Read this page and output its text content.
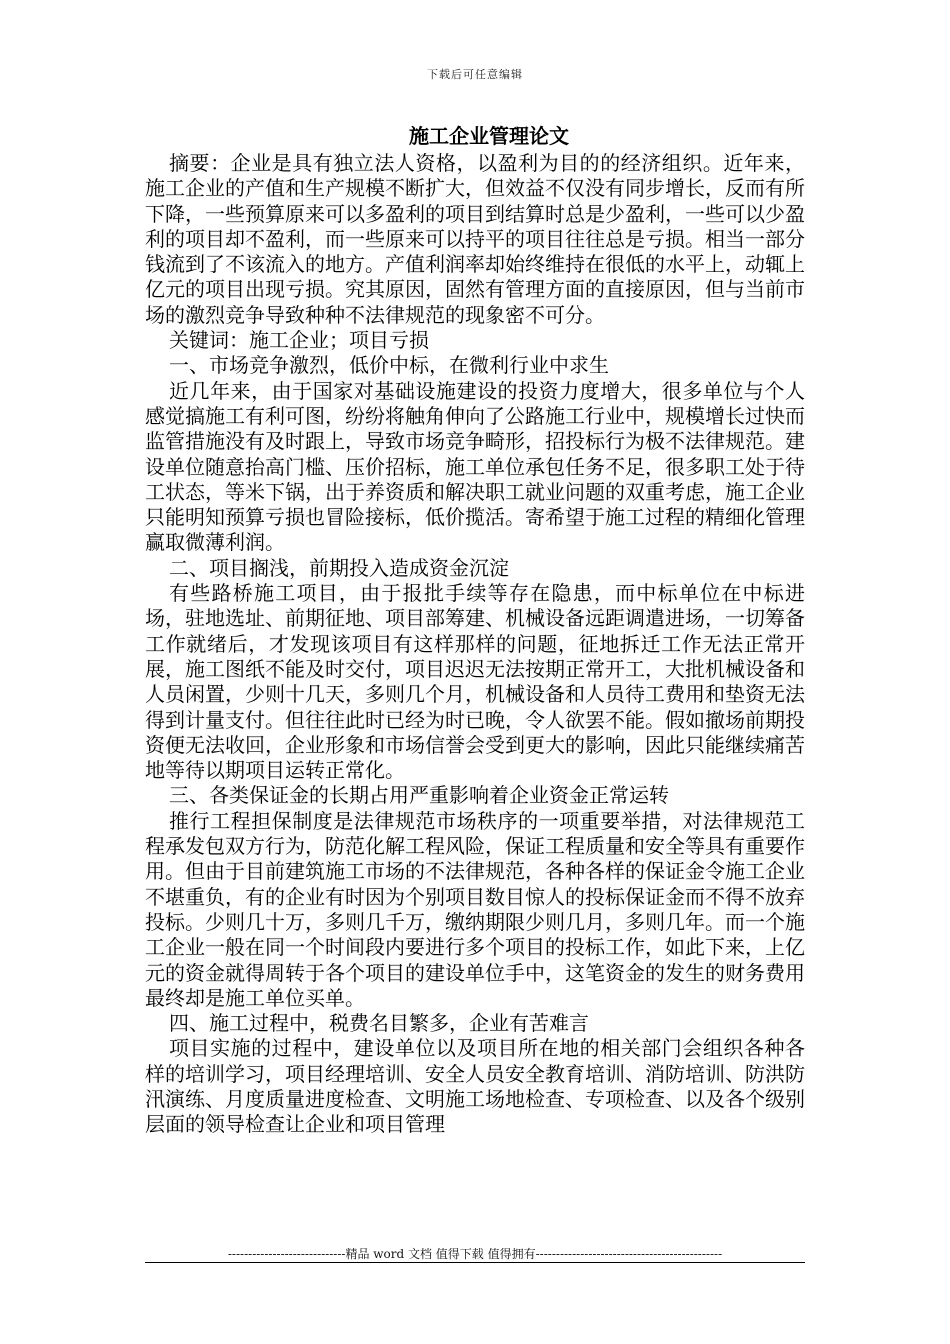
下载后可任意编辑
施工企业管理论文

摘要：企业是具有独立法人资格，以盈利为目的的经济组织。近年来，施工企业的产值和生产规模不断扩大，但效益不仅没有同步增长，反而有所下降，一些预算原来可以多盈利的项目到结算时总是少盈利，一些可以少盈利的项目却不盈利，而一些原来可以持平的项目往往总是亏损。相当一部分钱流到了不该流入的地方。产值利润率却始终维持在很低的水平上，动辄上亿元的项目出现亏损。究其原因，固然有管理方面的直接原因，但与当前市场的激烈竞争导致种种不法律规范的现象密不可分。

关键词：施工企业；项目亏损

一、市场竞争激烈，低价中标，在微利行业中求生

近几年来，由于国家对基础设施建设的投资力度增大，很多单位与个人感觉搞施工有利可图，纷纷将触角伸向了公路施工行业中，规模增长过快而监管措施没有及时跟上，导致市场竞争畸形，招投标行为极不法律规范。建设单位随意抬高门槛、压价招标，施工单位承包任务不足，很多职工处于待工状态，等米下锅，出于养资质和解决职工就业问题的双重考虑，施工企业只能明知预算亏损也冒险接标，低价揽活。寄希望于施工过程的精细化管理赢取微薄利润。

二、项目搁浅，前期投入造成资金沉淀

有些路桥施工项目，由于报批手续等存在隐患，而中标单位在中标进场，驻地选址、前期征地、项目部筹建、机械设备远距调遣进场，一切筹备工作就绪后，才发现该项目有这样那样的问题，征地拆迁工作无法正常开展，施工图纸不能及时交付，项目迟迟无法按期正常开工，大批机械设备和人员闲置，少则十几天，多则几个月，机械设备和人员待工费用和垫资无法得到计量支付。但往往此时已经为时已晚，令人欲罢不能。假如撤场前期投资便无法收回，企业形象和市场信誉会受到更大的影响，因此只能继续痛苦地等待以期项目运转正常化。

三、各类保证金的长期占用严重影响着企业资金正常运转

推行工程担保制度是法律规范市场秩序的一项重要举措，对法律规范工程承发包双方行为，防范化解工程风险，保证工程质量和安全等具有重要作用。但由于目前建筑施工市场的不法律规范，各种各样的保证金令施工企业不堪重负，有的企业有时因为个别项目数目惊人的投标保证金而不得不放弃投标。少则几十万，多则几千万，缴纳期限少则几月，多则几年。而一个施工企业一般在同一个时间段内要进行多个项目的投标工作，如此下来，上亿元的资金就得周转于各个项目的建设单位手中，这笔资金的发生的财务费用最终却是施工单位买单。

四、施工过程中，税费名目繁多，企业有苦难言

项目实施的过程中，建设单位以及项目所在地的相关部门会组织各种各样的培训学习，项目经理培训、安全人员安全教育培训、消防培训、防洪防汛演练、月度质量进度检查、文明施工场地检查、专项检查、以及各个级别层面的领导检查让企业和项目管理

-----------------------------精品 word 文档 值得下载 值得拥有----------------------------------------------
